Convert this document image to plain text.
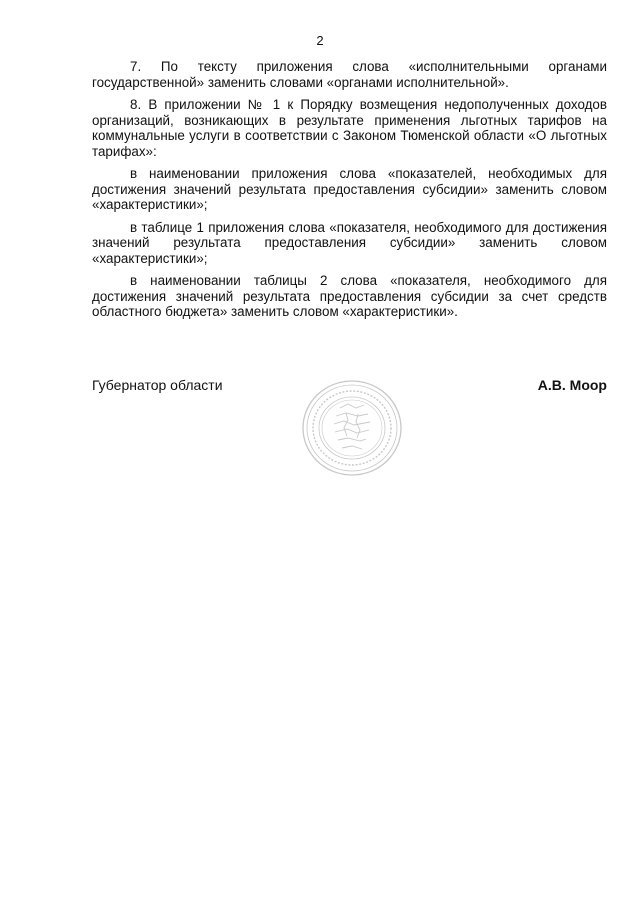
2

7. По тексту приложения слова «исполнительными органами государственной» заменить словами «органами исполнительной».

8. В приложении № 1 к Порядку возмещения недополученных доходов организаций, возникающих в результате применения льготных тарифов на коммунальные услуги в соответствии с Законом Тюменской области «О льготных тарифах»:

в наименовании приложения слова «показателей, необходимых для достижения значений результата предоставления субсидии» заменить словом «характеристики»;

в таблице 1 приложения слова «показателя, необходимого для достижения значений результата предоставления субсидии» заменить словом «характеристики»;

в наименовании таблицы 2 слова «показателя, необходимого для достижения значений результата предоставления субсидии за счет средств областного бюджета» заменить словом «характеристики».

Губернатор области	А.В. Моор
